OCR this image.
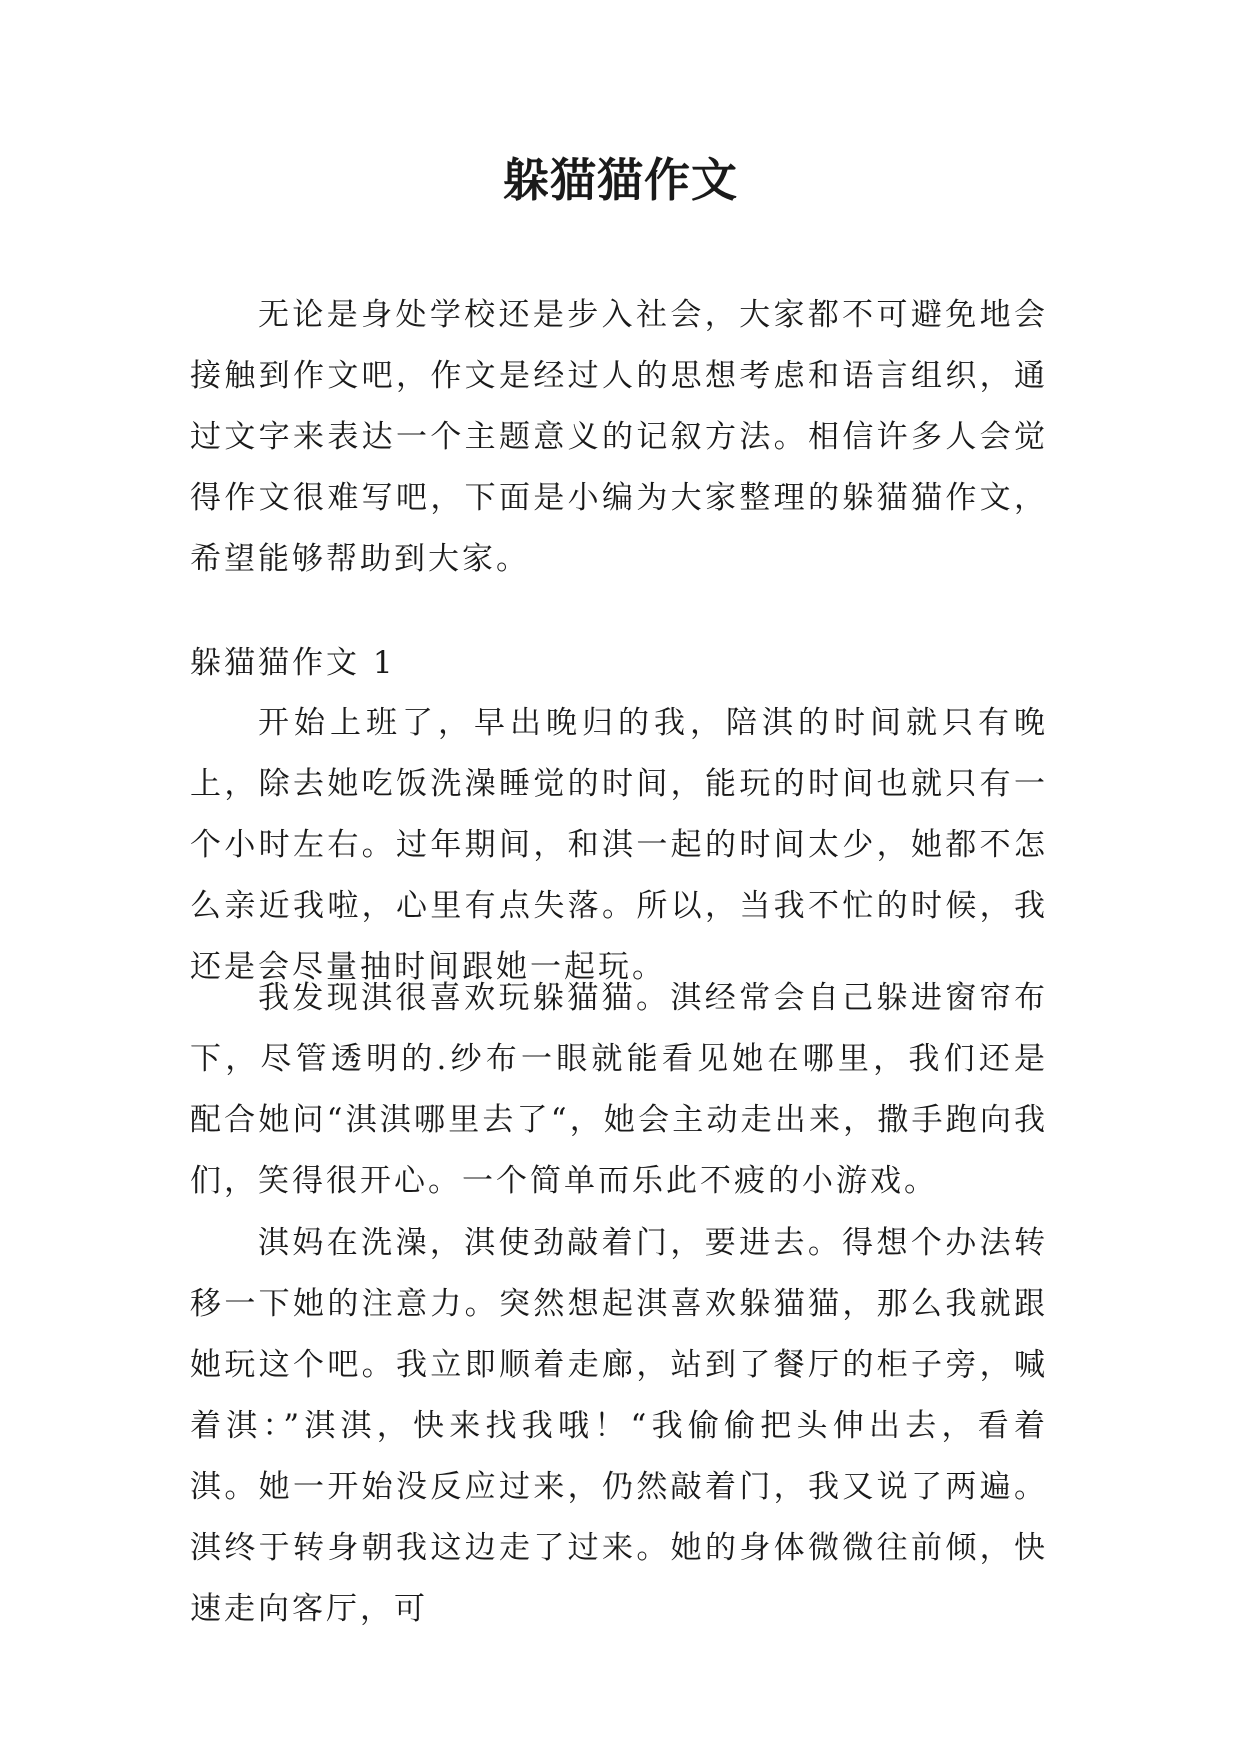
躲猫猫作文

无论是身处学校还是步入社会，大家都不可避免地会接触到作文吧，作文是经过人的思想考虑和语言组织，通过文字来表达一个主题意义的记叙方法。相信许多人会觉得作文很难写吧，下面是小编为大家整理的躲猫猫作文，希望能够帮助到大家。

躲猫猫作文 1

开始上班了，早出晚归的我，陪淇的时间就只有晚上，除去她吃饭洗澡睡觉的时间，能玩的时间也就只有一个小时左右。过年期间，和淇一起的时间太少，她都不怎么亲近我啦，心里有点失落。所以，当我不忙的时候，我还是会尽量抽时间跟她一起玩。

我发现淇很喜欢玩躲猫猫。淇经常会自己躲进窗帘布下，尽管透明的.纱布一眼就能看见她在哪里，我们还是配合她问“淇淇哪里去了“，她会主动走出来，撒手跑向我们，笑得很开心。一个简单而乐此不疲的小游戏。

淇妈在洗澡，淇使劲敲着门，要进去。得想个办法转移一下她的注意力。突然想起淇喜欢躲猫猫，那么我就跟她玩这个吧。我立即顺着走廊，站到了餐厅的柜子旁，喊着淇：”淇淇，快来找我哦！“我偷偷把头伸出去，看着淇。她一开始没反应过来，仍然敲着门，我又说了两遍。淇终于转身朝我这边走了过来。她的身体微微往前倾，快速走向客厅，可
